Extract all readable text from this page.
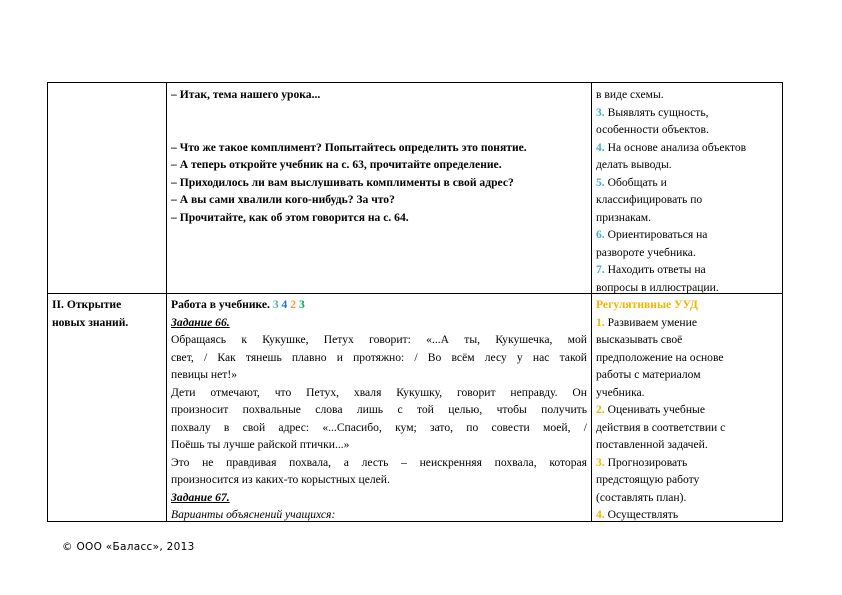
– Итак, тема нашего урока...

– Что же такое комплимент? Попытайтесь определить это понятие.

– А теперь откройте учебник на с. 63, прочитайте определение.

– Приходилось ли вам выслушивать комплименты в свой адрес?

– А вы сами хвалили кого-нибудь? За что?

– Прочитайте, как об этом говорится на с. 64.

в виде схемы.

3. Выявлять сущность,

особенности объектов.

4. На основе анализа объектов

делать выводы.

5. Обобщать и

классифицировать по

признакам.

6. Ориентироваться на

развороте учебника.

7. Находить ответы на

вопросы в иллюстрации.

II. Открытие

новых знаний.

Работа в учебнике. 3 4 2 3

Задание 66.

Обращаясь к Кукушке, Петух говорит: «...А ты, Кукушечка, мой

свет, / Как тянешь плавно и протяжно: / Во всём лесу у нас такой

певицы нет!»

Дети отмечают, что Петух, хваля Кукушку, говорит неправду. Он

произносит похвальные слова лишь с той целью, чтобы получить

похвалу в свой адрес: «...Спасибо, кум; зато, по совести моей, /

Поёшь ты лучше райской птички...»

Это не правдивая похвала, а лесть – неискренняя похвала, которая

произносится из каких-то корыстных целей.

Задание 67.

Варианты объяснений учащихся:

Регулятивные УУД

1. Развиваем умение

высказывать своё

предположение на основе

работы с материалом

учебника.

2. Оценивать учебные

действия в соответствии с

поставленной задачей.

3. Прогнозировать

предстоящую работу

(составлять план).

4. Осуществлять

© ООО «Баласс», 2013
